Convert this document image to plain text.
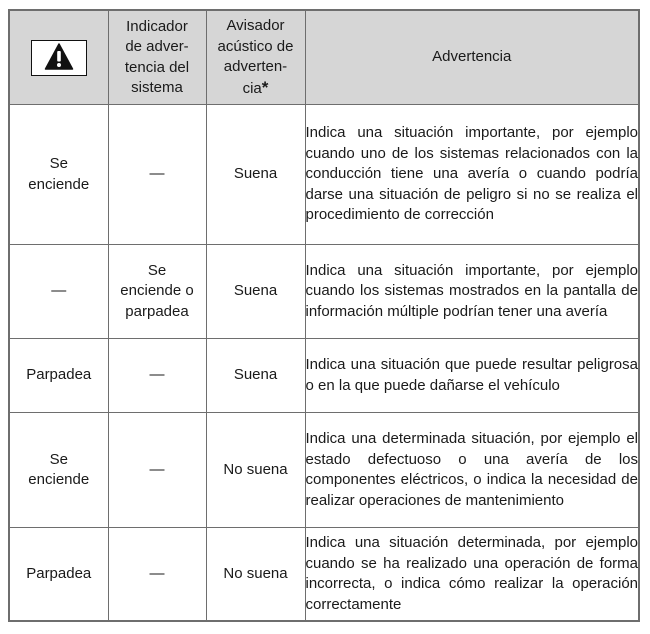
	Indicador
de adver-
tencia del
sistema	Avisador
acústico de
adverten-
cia*	Advertencia
Se
enciende	—	Suena	Indica una situación importante, por ejemplo cuando uno de los sistemas relacionados con la conducción tiene una avería o cuando podría darse una situación de peligro si no se realiza el procedimiento de corrección
—	Se
enciende o
parpadea	Suena	Indica una situación importante, por ejemplo cuando los sistemas mostrados en la pantalla de información múltiple podrían tener una avería
Parpadea	—	Suena	Indica una situación que puede resultar peligrosa o en la que puede dañarse el vehículo
Se
enciende	—	No suena	Indica una determinada situación, por ejemplo el estado defectuoso o una avería de los componentes eléctricos, o indica la necesidad de realizar operaciones de mantenimiento
Parpadea	—	No suena	Indica una situación determinada, por ejemplo cuando se ha realizado una operación de forma incorrecta, o indica cómo realizar la operación correctamente
